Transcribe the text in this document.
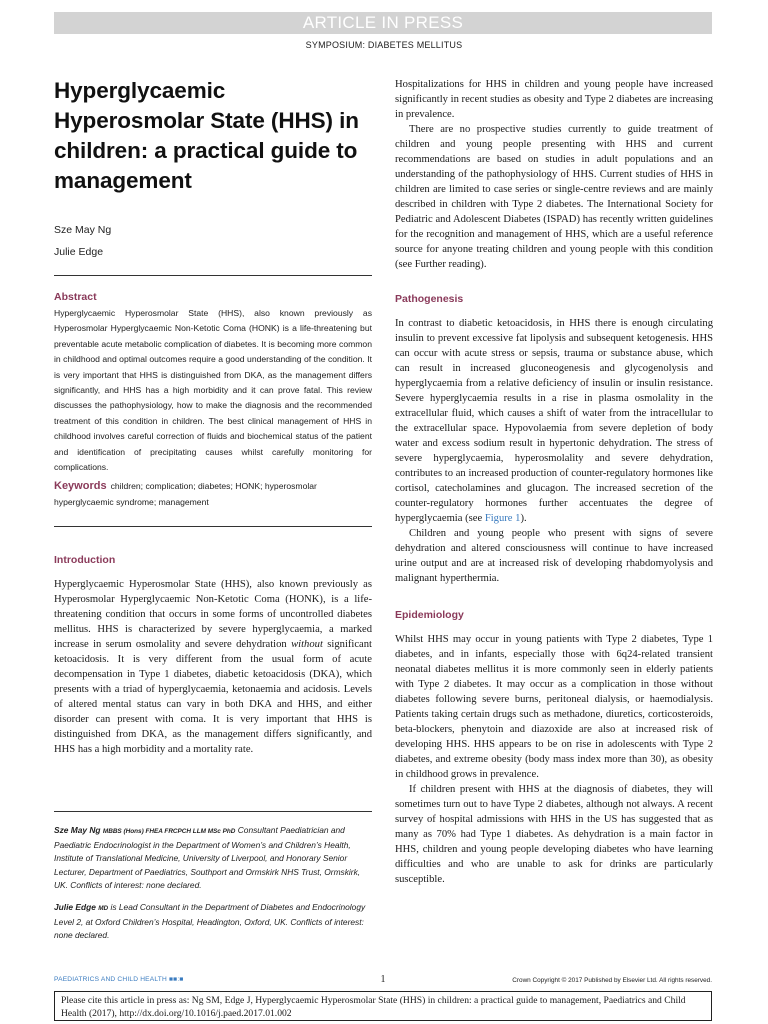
ARTICLE IN PRESS
SYMPOSIUM: DIABETES MELLITUS
Hyperglycaemic Hyperosmolar State (HHS) in children: a practical guide to management
Sze May Ng
Julie Edge
Abstract
Hyperglycaemic Hyperosmolar State (HHS), also known previously as Hyperosmolar Hyperglycaemic Non-Ketotic Coma (HONK) is a life-threatening but preventable acute metabolic complication of diabetes. It is becoming more common in childhood and optimal outcomes require a good understanding of the condition. It is very important that HHS is distinguished from DKA, as the management differs significantly, and HHS has a high morbidity and it can prove fatal. This review discusses the pathophysiology, how to make the diagnosis and the recommended treatment of this condition in children. The best clinical management of HHS in childhood involves careful correction of fluids and biochemical status of the patient and identification of precipitating causes whilst carefully monitoring for complications.
Keywords children; complication; diabetes; HONK; hyperosmolar hyperglycaemic syndrome; management
Introduction

Hyperglycaemic Hyperosmolar State (HHS), also known previously as Hyperosmolar Hyperglycaemic Non-Ketotic Coma (HONK), is a life-threatening condition that occurs in some forms of uncontrolled diabetes mellitus. HHS is characterized by severe hyperglycaemia, a marked increase in serum osmolality and severe dehydration without significant ketoacidosis. It is very different from the usual form of acute decompensation in Type 1 diabetes, diabetic ketoacidosis (DKA), which presents with a triad of hyperglycaemia, ketonaemia and acidosis. Levels of altered mental status can vary in both DKA and HHS, and either disorder can present with coma. It is very important that HHS is distinguished from DKA, as the management differs significantly, and HHS has a high morbidity and a mortality rate.

Sze May Ng MBBS (Hons) FHEA FRCPCH LLM MSc PhD Consultant Paediatrician and Paediatric Endocrinologist in the Department of Women’s and Children’s Health, Institute of Translational Medicine, University of Liverpool, and Honorary Senior Lecturer, Department of Paediatrics, Southport and Ormskirk NHS Trust, Ormskirk, UK. Conflicts of interest: none declared.
Julie Edge MD is Lead Consultant in the Department of Diabetes and Endocrinology Level 2, at Oxford Children’s Hospital, Headington, Oxford, UK. Conflicts of interest: none declared.

Hospitalizations for HHS in children and young people have increased significantly in recent studies as obesity and Type 2 diabetes are increasing in prevalence.

There are no prospective studies currently to guide treatment of children and young people presenting with HHS and current recommendations are based on studies in adult populations and an understanding of the pathophysiology of HHS. Current studies of HHS in children are limited to case series or single-centre reviews and are mainly described in children with Type 2 diabetes. The International Society for Pediatric and Adolescent Diabetes (ISPAD) has recently written guidelines for the recognition and management of HHS, which are a useful reference source for anyone treating children and young people with this condition (see Further reading).

Pathogenesis

In contrast to diabetic ketoacidosis, in HHS there is enough circulating insulin to prevent excessive fat lipolysis and subsequent ketogenesis. HHS can occur with acute stress or sepsis, trauma or substance abuse, which can result in increased gluconeogenesis and glycogenolysis and hyperglycaemia from a relative deficiency of insulin or insulin resistance. Severe hyperglycaemia results in a rise in plasma osmolality in the extracellular fluid, which causes a shift of water from the intracellular to the extracellular space. Hypovolaemia from severe depletion of body water and excess sodium result in hypertonic dehydration. The stress of severe hyperglycaemia, hyperosmolality and severe dehydration, contributes to an increased production of counter-regulatory hormones like cortisol, catecholamines and glucagon. The increased secretion of the counter-regulatory hormones further accentuates the degree of hyperglycaemia (see Figure 1).

Children and young people who present with signs of severe dehydration and altered consciousness will continue to have increased urine output and are at increased risk of developing rhabdomyolysis and malignant hyperthermia.

Epidemiology

Whilst HHS may occur in young patients with Type 2 diabetes, Type 1 diabetes, and in infants, especially those with 6q24-related transient neonatal diabetes mellitus it is more commonly seen in elderly patients with Type 2 diabetes. It may occur as a complication in those without diabetes following severe burns, peritoneal dialysis, or haemodialysis. Patients taking certain drugs such as methadone, diuretics, corticosteroids, beta-blockers, phenytoin and diazoxide are also at increased risk of developing HHS. HHS appears to be on rise in adolescents with Type 2 diabetes, and extreme obesity (body mass index more than 30), as obesity in childhood grows in prevalence.

If children present with HHS at the diagnosis of diabetes, they will sometimes turn out to have Type 2 diabetes, although not always. A recent survey of hospital admissions with HHS in the US has suggested that as many as 70% had Type 1 diabetes. As dehydration is a main factor in HHS, children and young people developing diabetes who have learning difficulties and who are unable to ask for drinks are particularly susceptible.

PAEDIATRICS AND CHILD HEALTH ■■:■	1	Crown Copyright © 2017 Published by Elsevier Ltd. All rights reserved.
Please cite this article in press as: Ng SM, Edge J, Hyperglycaemic Hyperosmolar State (HHS) in children: a practical guide to management, Paediatrics and Child Health (2017), http://dx.doi.org/10.1016/j.paed.2017.01.002
